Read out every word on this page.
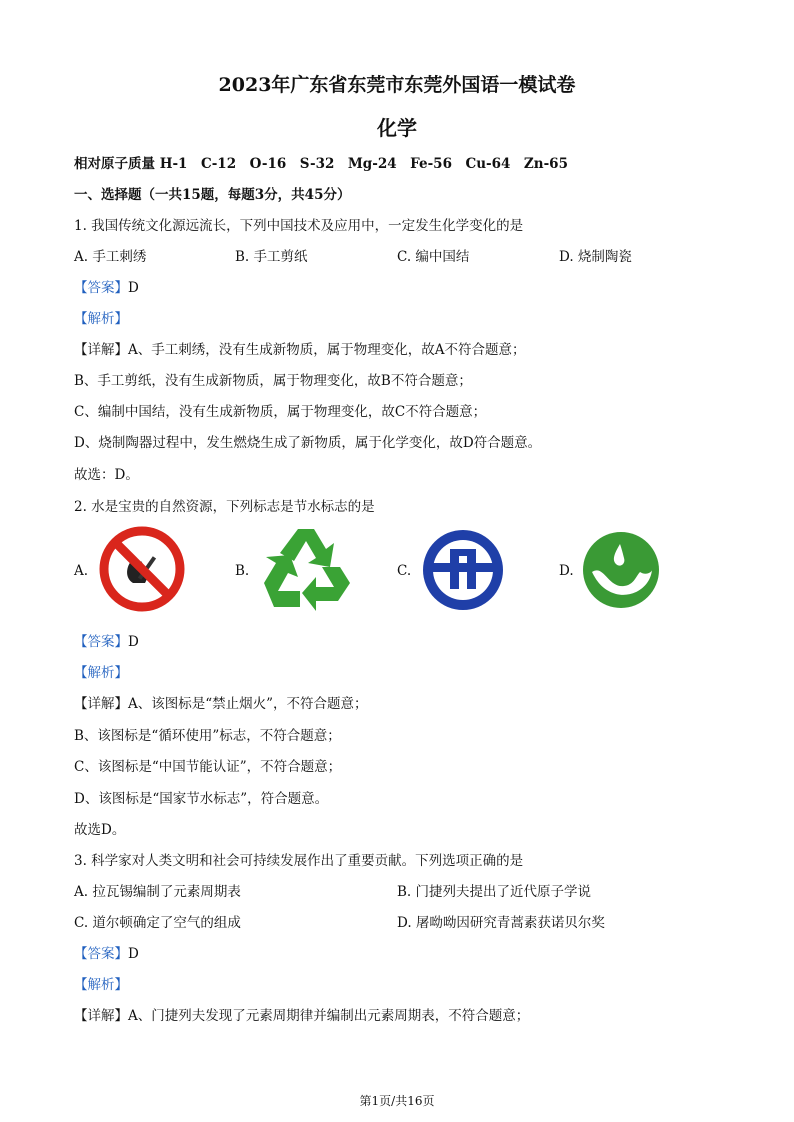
2023年广东省东莞市东莞外国语一模试卷
化学
相对原子质量 H-1　C-12　O-16　S-32　Mg-24　Fe-56　Cu-64　Zn-65
一、选择题（一共15题，每题3分，共45分）
1. 我国传统文化源远流长，下列中国技术及应用中，一定发生化学变化的是
A. 手工刺绣	B. 手工剪纸	C. 编中国结	D. 烧制陶瓷
【答案】D
【解析】
【详解】A、手工刺绣，没有生成新物质，属于物理变化，故A不符合题意；
B、手工剪纸，没有生成新物质，属于物理变化，故B不符合题意；
C、编制中国结，没有生成新物质，属于物理变化，故C不符合题意；
D、烧制陶器过程中，发生燃烧生成了新物质，属于化学变化，故D符合题意。
故选：D。
2. 水是宝贵的自然资源，下列标志是节水标志的是
A.	B.	C.	D.
【答案】D
【解析】
【详解】A、该图标是“禁止烟火”，不符合题意；
B、该图标是“循环使用”标志，不符合题意；
C、该图标是“中国节能认证”，不符合题意；
D、该图标是“国家节水标志”，符合题意。
故选D。
3. 科学家对人类文明和社会可持续发展作出了重要贡献。下列选项正确的是
A. 拉瓦锡编制了元素周期表	B. 门捷列夫提出了近代原子学说
C. 道尔顿确定了空气的组成	D. 屠呦呦因研究青蒿素获诺贝尔奖
【答案】D
【解析】
【详解】A、门捷列夫发现了元素周期律并编制出元素周期表，不符合题意；
第1页/共16页
